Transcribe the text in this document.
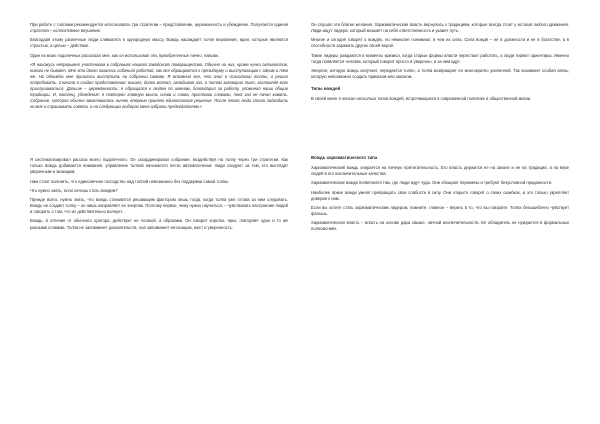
При работе с толпами рекомендуется использовать три стратегии – представление, церемонность и убеждение. Получается единая стратегия – коллективное внушение.

Благодаря этому различные люди сливаются в однородную массу. Вождь насаждает толпе верования, идеи, которые являются страстью, а целью – действие.

Один из моих подопечных рассказал мне, как он использовал эти, приобретенные лично, навыки.

«Я нахожусь непрерывно участником в собраниях нашего заводского товарищества. Обычно на них, кроме кучки активистов, никого не бывает. Мне это долго казалось собачьей работой, как все обращаются к президиуму и выступающим с одним и тем же. Но однажды мне пришлось выступить на собрании самому. Я вспомнил все, что знал о психологии толпы, и решил попробовать. Сначала я создал представление: вышел, долго молчал, оглядывая зал, а потом заговорил тихо, заставляя всех прислушиваться. Дальше – церемонность: я обращался к людям по именам, благодарил за работу, упоминал наши общие традиции. И, наконец, убеждение: я повторял главную мысль снова и снова, простыми словами, пока зал не начал кивать. Собрание, которое обычно заканчивалось ничем, впервые приняло единогласное решение. После этого люди стали подходить ко мне и спрашивать совета, а на следующих выборах меня избрали председателем.»

Я систематизировал рассказ моего подопечного. Он скоординировал собрание, воздействуя на толпу через три стратегии. Как только вождь добивается внимания, управление толпой начинается почти автоматически: люди следуют за тем, кто выглядит уверенным и знающим.

Нам стоит пояснить, что единоличное господство над толпой невозможно без поддержки самой толпы.

Что нужно знать, если хочешь стать вождем?

Прежде всего, нужно знать, что вождь становится решающим фактором лишь тогда, когда толпа уже готова за ним следовать. Вождь не создает толпу – он лишь направляет ее энергию. Поэтому первое, чему нужно научиться, – чувствовать настроение людей и говорить о том, что их действительно волнует.

Вождь, в отличие от обычного оратора, действует не логикой, а образами. Он говорит коротко, ярко, повторяет одно и то же разными словами. Толпа не запоминает доказательств, она запоминает интонацию, жест и уверенность.

Он слушал эти благие желания. Харизматическая власть вернулась к традициям, которые всегда стоят у истоков любого движения. Люди ищут лидера, который возьмет на себя ответственность и укажет путь.

Многие и сегодня говорят о вождях, но немногие понимают, в чем их сила. Сила вождя – не в должности и не в богатстве, а в способности заражать других своей верой.

Такие лидеры рождаются в моменты кризиса, когда старые формы власти перестают работать, а люди теряют ориентиры. Именно тогда появляется человек, который говорит просто и уверенно, и за ним идут.

Энергия, которую вождь излучает, передается толпе, а толпа возвращает ее многократно усиленной. Так возникает особая связь, которую невозможно создать приказом или законом.

Типы вождей

В своей книге я описал несколько типов вождей, встречающихся в современной политике и общественной жизни.

Вождь харизматического типа

Харизматический вождь опирается на личную притягательность. Его власть держится не на законе и не на традиции, а на вере людей в его исключительные качества.

Харизматические вожди появляются там, где люди ждут чуда. Они обещают перемены и требуют безусловной преданности.

Наиболее яркие вожди умеют превращать свои слабости в силу. Они открыто говорят о своих ошибках, и это только укрепляет доверие к ним.

Если вы хотите стать харизматическим лидером, помните: главное – верить в то, что вы говорите. Толпа безошибочно чувствует фальшь.

Харизматическая власть – власть на основе дара свыше, личной исключительности. Ее обладатель не нуждается в формальных полномочиях.
